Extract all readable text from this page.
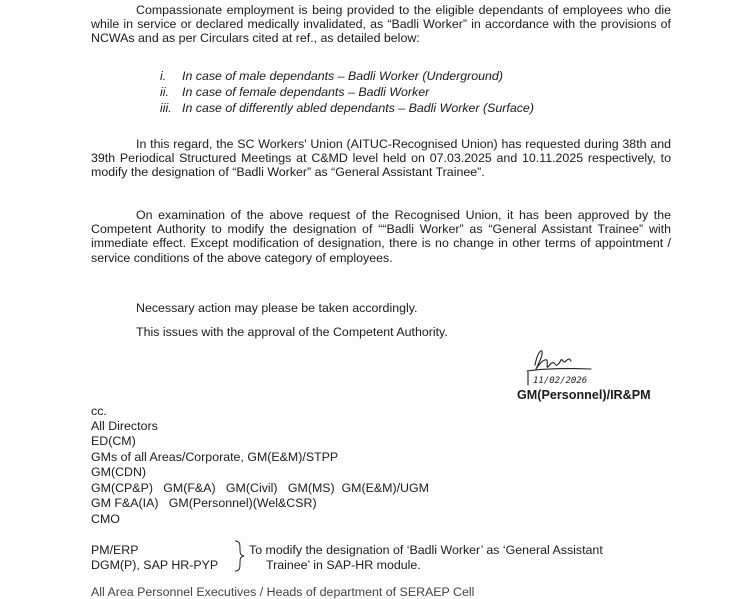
Compassionate employment is being provided to the eligible dependants of employees who die while in service or declared medically invalidated, as “Badli Worker” in accordance with the provisions of NCWAs and as per Circulars cited at ref., as detailed below:
i. In case of male dependants – Badli Worker (Underground)
ii. In case of female dependants – Badli Worker
iii. In case of differently abled dependants – Badli Worker (Surface)
In this regard, the SC Workers' Union (AITUC-Recognised Union) has requested during 38th and 39th Periodical Structured Meetings at C&MD level held on 07.03.2025 and 10.11.2025 respectively, to modify the designation of “Badli Worker” as “General Assistant Trainee”.
On examination of the above request of the Recognised Union, it has been approved by the Competent Authority to modify the designation of ““Badli Worker” as “General Assistant Trainee” with immediate effect. Except modification of designation, there is no change in other terms of appointment / service conditions of the above category of employees.
Necessary action may please be taken accordingly.
This issues with the approval of the Competent Authority.
11/02/2026
GM(Personnel)/IR&PM
cc.
All Directors
ED(CM)
GMs of all Areas/Corporate, GM(E&M)/STPP
GM(CDN)
GM(CP&P)   GM(F&A)   GM(Civil)   GM(MS)  GM(E&M)/UGM
GM F&A(IA)   GM(Personnel)(Wel&CSR)
CMO
PM/ERP
DGM(P), SAP HR-PYP
To modify the designation of ‘Badli Worker’ as ‘General Assistant
Trainee’ in SAP-HR module.
All Area Personnel Executives / Heads of department of SERAEP Cell
